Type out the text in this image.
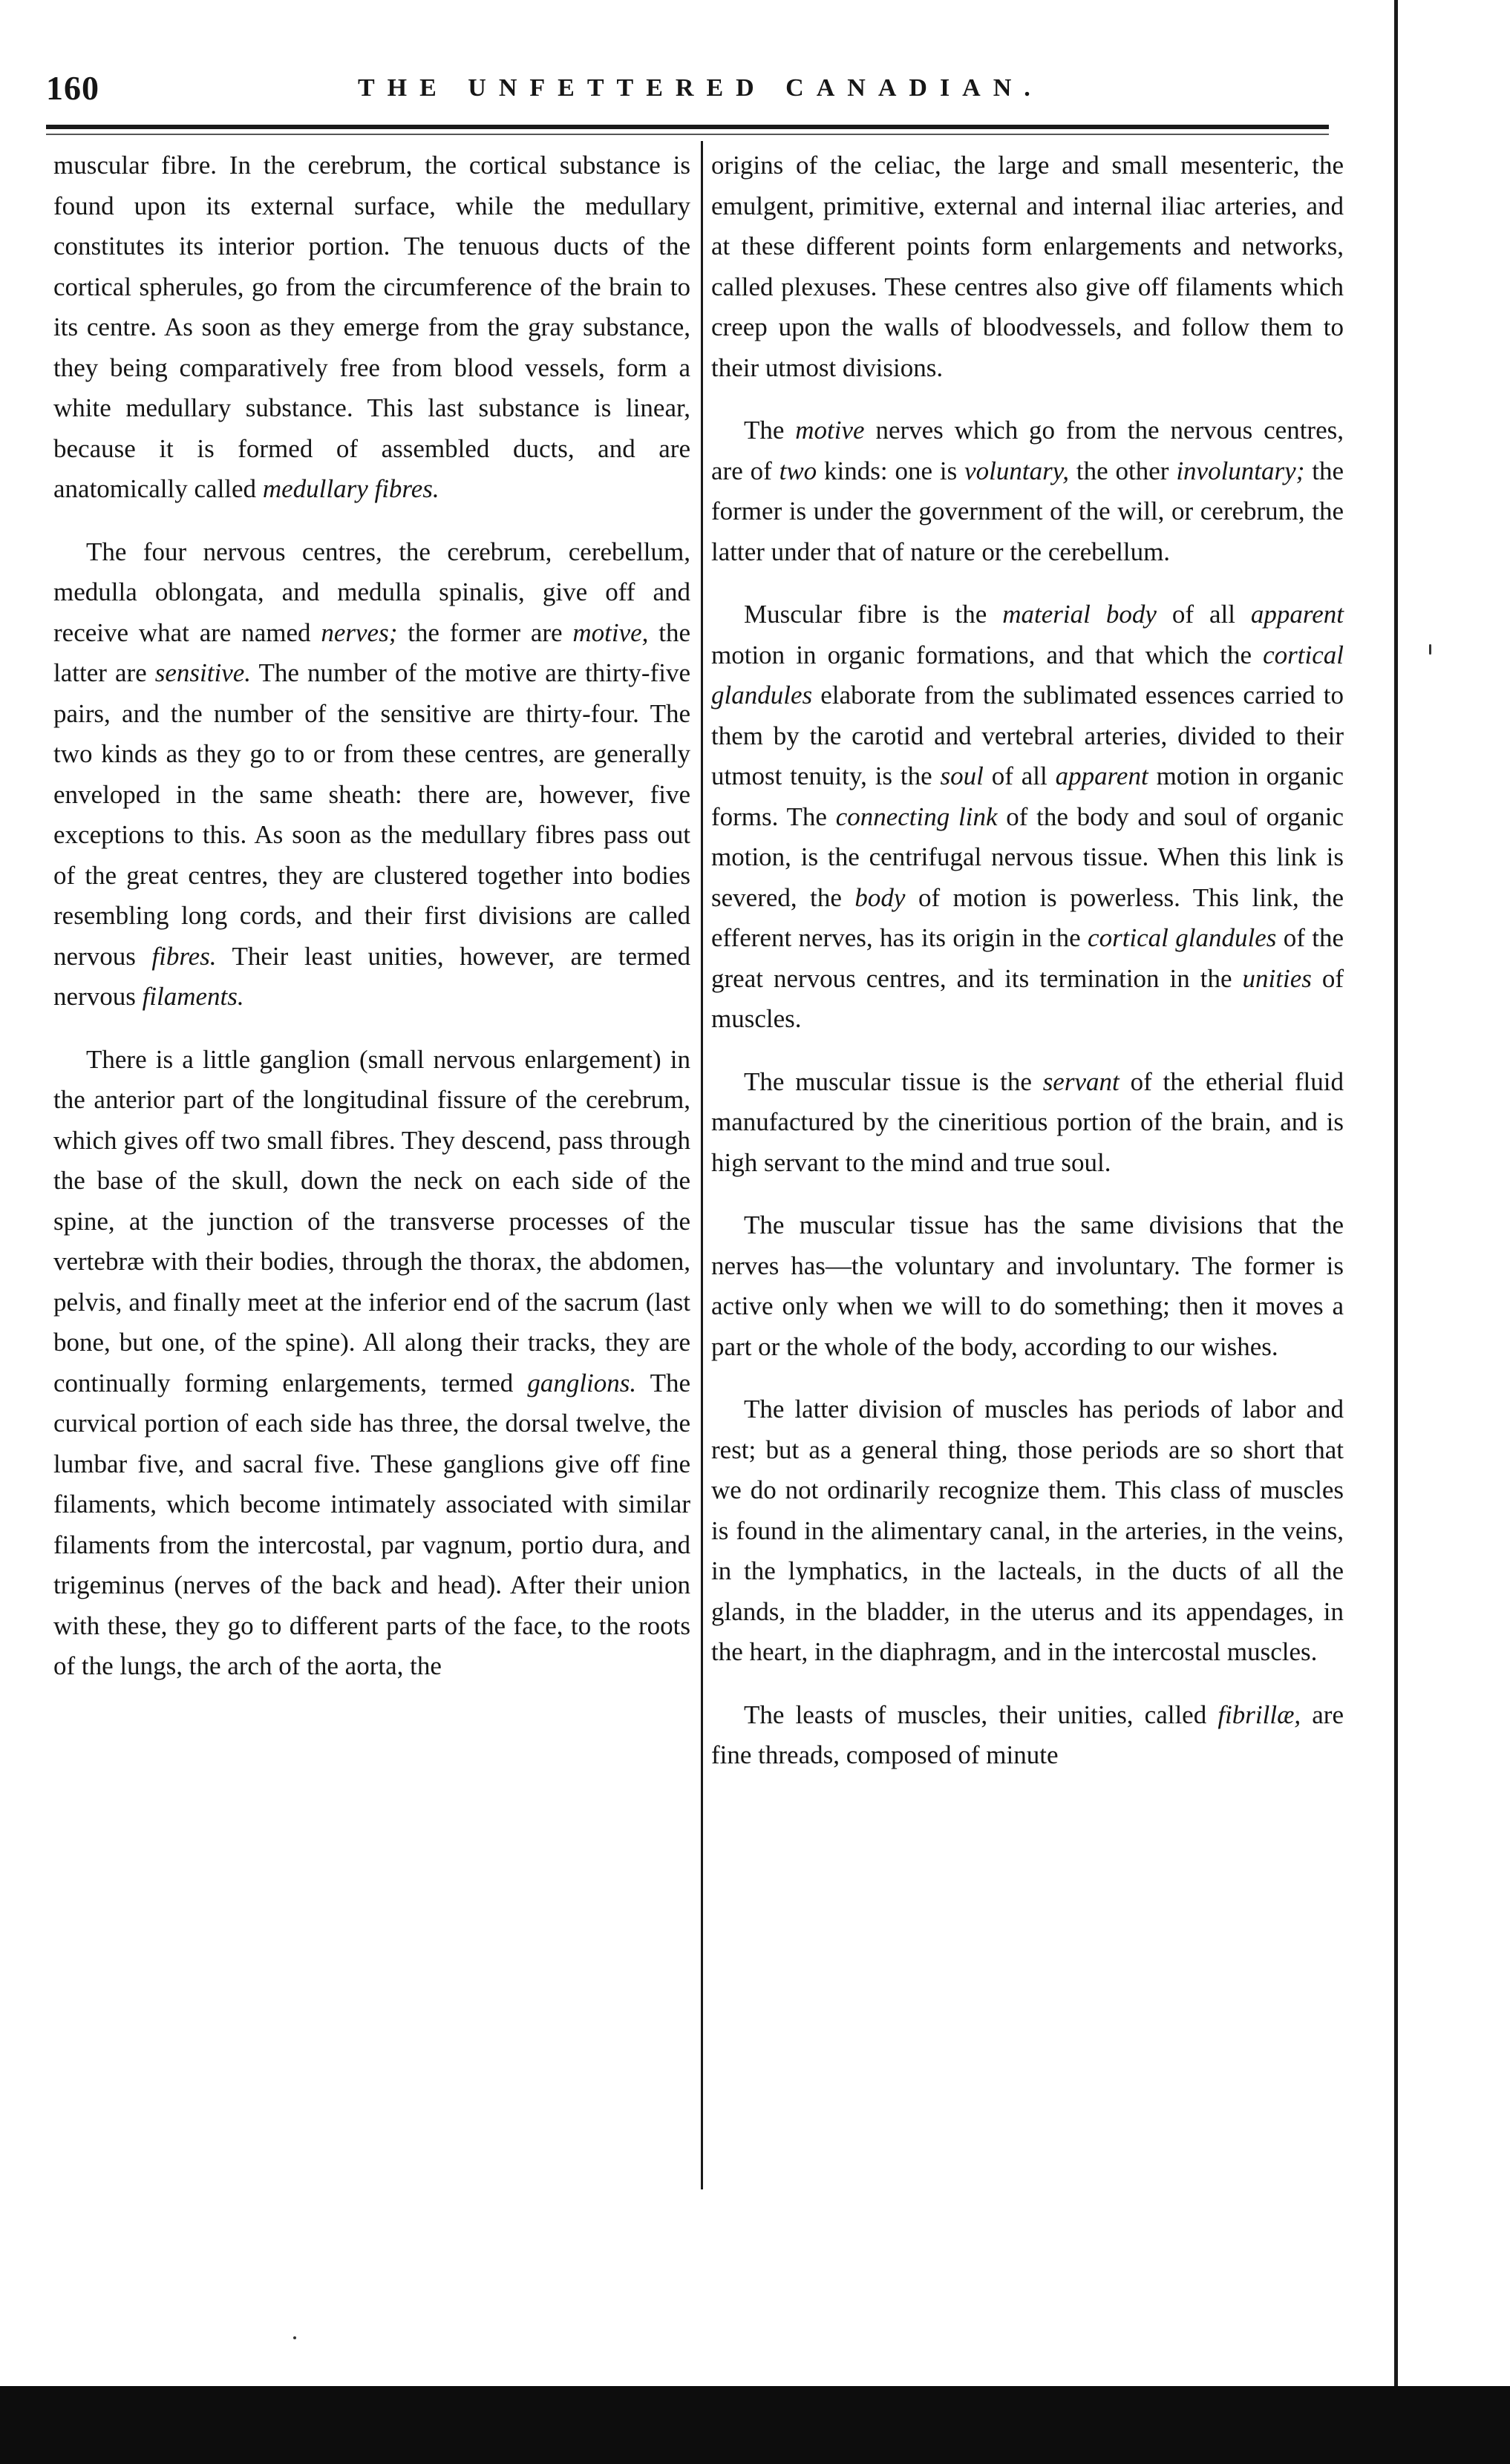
160	THE UNFETTERED CANADIAN.

muscular fibre. In the cerebrum, the cortical substance is found upon its external surface, while the medullary constitutes its interior portion. The tenuous ducts of the cortical spherules, go from the circumference of the brain to its centre. As soon as they emerge from the gray substance, they being comparatively free from blood vessels, form a white medullary substance. This last substance is linear, because it is formed of assembled ducts, and are anatomically called medullary fibres.

The four nervous centres, the cerebrum, cerebellum, medulla oblongata, and medulla spinalis, give off and receive what are named nerves; the former are motive, the latter are sensitive. The number of the motive are thirty-five pairs, and the number of the sensitive are thirty-four. The two kinds as they go to or from these centres, are generally enveloped in the same sheath: there are, however, five exceptions to this. As soon as the medullary fibres pass out of the great centres, they are clustered together into bodies resembling long cords, and their first divisions are called nervous fibres. Their least unities, however, are termed nervous filaments.

There is a little ganglion (small nervous enlargement) in the anterior part of the longitudinal fissure of the cerebrum, which gives off two small fibres. They descend, pass through the base of the skull, down the neck on each side of the spine, at the junction of the transverse processes of the vertebræ with their bodies, through the thorax, the abdomen, pelvis, and finally meet at the inferior end of the sacrum (last bone, but one, of the spine). All along their tracks, they are continually forming enlargements, termed ganglions. The curvical portion of each side has three, the dorsal twelve, the lumbar five, and sacral five. These ganglions give off fine filaments, which become intimately associated with similar filaments from the intercostal, par vagnum, portio dura, and trigeminus (nerves of the back and head). After their union with these, they go to different parts of the face, to the roots of the lungs, the arch of the aorta, the

origins of the celiac, the large and small mesenteric, the emulgent, primitive, external and internal iliac arteries, and at these different points form enlargements and networks, called plexuses. These centres also give off filaments which creep upon the walls of bloodvessels, and follow them to their utmost divisions.

The motive nerves which go from the nervous centres, are of two kinds: one is voluntary, the other involuntary; the former is under the government of the will, or cerebrum, the latter under that of nature or the cerebellum.

Muscular fibre is the material body of all apparent motion in organic formations, and that which the cortical glandules elaborate from the sublimated essences carried to them by the carotid and vertebral arteries, divided to their utmost tenuity, is the soul of all apparent motion in organic forms. The connecting link of the body and soul of organic motion, is the centrifugal nervous tissue. When this link is severed, the body of motion is powerless. This link, the efferent nerves, has its origin in the cortical glandules of the great nervous centres, and its termination in the unities of muscles.

The muscular tissue is the servant of the etherial fluid manufactured by the cineritious portion of the brain, and is high servant to the mind and true soul.

The muscular tissue has the same divisions that the nerves has—the voluntary and involuntary. The former is active only when we will to do something; then it moves a part or the whole of the body, according to our wishes.

The latter division of muscles has periods of labor and rest; but as a general thing, those periods are so short that we do not ordinarily recognize them. This class of muscles is found in the alimentary canal, in the arteries, in the veins, in the lymphatics, in the lacteals, in the ducts of all the glands, in the bladder, in the uterus and its appendages, in the heart, in the diaphragm, and in the intercostal muscles.

The leasts of muscles, their unities, called fibrillæ, are fine threads, composed of minute
